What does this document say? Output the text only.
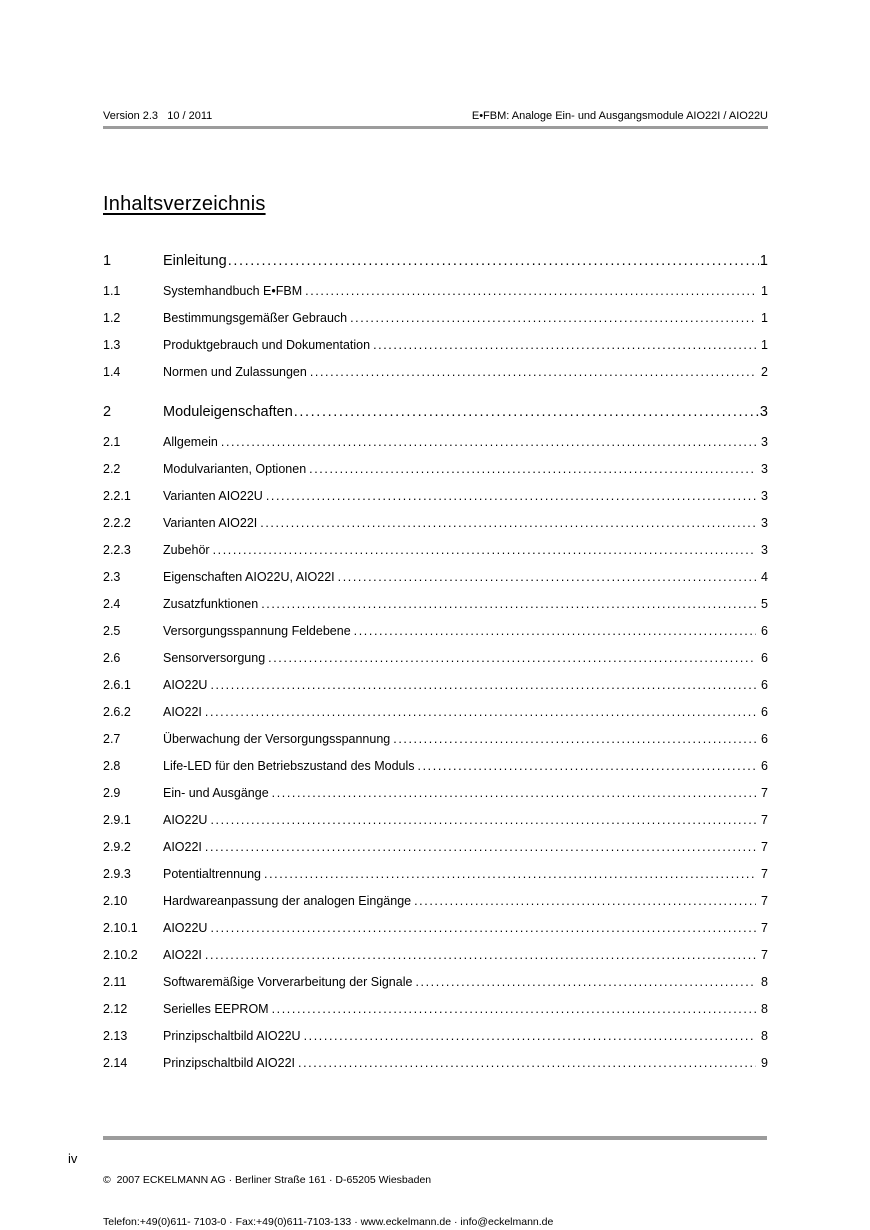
Version 2.3   10 / 2011	E•FBM: Analoge Ein- und Ausgangsmodule AIO22I / AIO22U
Inhaltsverzeichnis
1	Einleitung .....	1
1.1	Systemhandbuch E•FBM .....	1
1.2	Bestimmungsgemäßer Gebrauch .....	1
1.3	Produktgebrauch und Dokumentation .....	1
1.4	Normen und Zulassungen .....	2
2	Moduleigenschaften .....	3
2.1	Allgemein .....	3
2.2	Modulvarianten, Optionen .....	3
2.2.1	Varianten AIO22U .....	3
2.2.2	Varianten AIO22I .....	3
2.2.3	Zubehör .....	3
2.3	Eigenschaften AIO22U, AIO22I .....	4
2.4	Zusatzfunktionen .....	5
2.5	Versorgungsspannung Feldebene .....	6
2.6	Sensorversorgung .....	6
2.6.1	AIO22U .....	6
2.6.2	AIO22I .....	6
2.7	Überwachung der Versorgungsspannung .....	6
2.8	Life-LED für den Betriebszustand des Moduls .....	6
2.9	Ein- und Ausgänge .....	7
2.9.1	AIO22U .....	7
2.9.2	AIO22I .....	7
2.9.3	Potentialtrennung .....	7
2.10	Hardwareanpassung der analogen Eingänge .....	7
2.10.1	AIO22U .....	7
2.10.2	AIO22I .....	7
2.11	Softwaremäßige Vorverarbeitung der Signale .....	8
2.12	Serielles EEPROM .....	8
2.13	Prinzipschaltbild AIO22U .....	8
2.14	Prinzipschaltbild AIO22I .....	9
iv

©  2007 ECKELMANN AG · Berliner Straße 161 · D-65205 Wiesbaden

Telefon:+49(0)611- 7103-0 · Fax:+49(0)611-7103-133 · www.eckelmann.de · info@eckelmann.de
